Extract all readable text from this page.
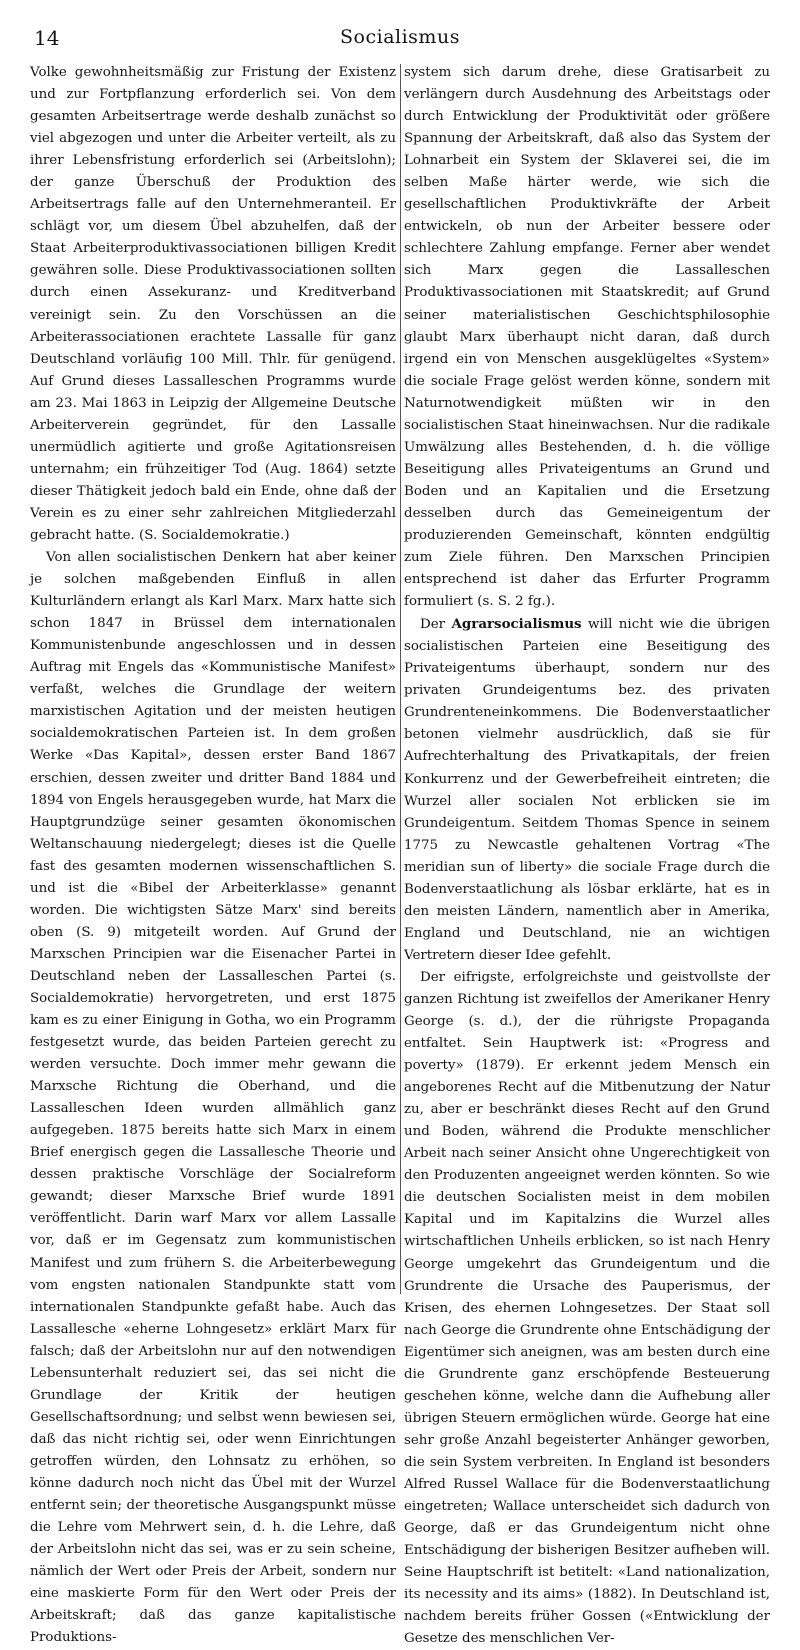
14	Socialismus

Volke gewohnheitsmäßig zur Fristung der Existenz und zur Fortpflanzung erforderlich sei. Von dem gesamten Arbeitsertrage werde deshalb zunächst so viel abgezogen und unter die Arbeiter verteilt, als zu ihrer Lebensfristung erforderlich sei (Arbeitslohn); der ganze Überschuß der Produktion des Arbeitsertrags falle auf den Unternehmeranteil. Er schlägt vor, um diesem Übel abzuhelfen, daß der Staat Arbeiterproduktivassociationen billigen Kredit gewähren solle. Diese Produktivassociationen sollten durch einen Assekuranz- und Kreditverband vereinigt sein. Zu den Vorschüssen an die Arbeiterassociationen erachtete Lassalle für ganz Deutschland vorläufig 100 Mill. Thlr. für genügend. Auf Grund dieses Lassalleschen Programms wurde am 23. Mai 1863 in Leipzig der Allgemeine Deutsche Arbeiterverein gegründet, für den Lassalle unermüdlich agitierte und große Agitationsreisen unternahm; ein frühzeitiger Tod (Aug. 1864) setzte dieser Thätigkeit jedoch bald ein Ende, ohne daß der Verein es zu einer sehr zahlreichen Mitgliederzahl gebracht hatte. (S. Socialdemokratie.)

Von allen socialistischen Denkern hat aber keiner je solchen maßgebenden Einfluß in allen Kulturländern erlangt als Karl Marx. Marx hatte sich schon 1847 in Brüssel dem internationalen Kommunistenbunde angeschlossen und in dessen Auftrag mit Engels das «Kommunistische Manifest» verfaßt, welches die Grundlage der weitern marxistischen Agitation und der meisten heutigen socialdemokratischen Parteien ist. In dem großen Werke «Das Kapital», dessen erster Band 1867 erschien, dessen zweiter und dritter Band 1884 und 1894 von Engels herausgegeben wurde, hat Marx die Hauptgrundzüge seiner gesamten ökonomischen Weltanschauung niedergelegt; dieses ist die Quelle fast des gesamten modernen wissenschaftlichen S. und ist die «Bibel der Arbeiterklasse» genannt worden. Die wichtigsten Sätze Marx' sind bereits oben (S. 9) mitgeteilt worden. Auf Grund der Marxschen Principien war die Eisenacher Partei in Deutschland neben der Lassalleschen Partei (s. Socialdemokratie) hervorgetreten, und erst 1875 kam es zu einer Einigung in Gotha, wo ein Programm festgesetzt wurde, das beiden Parteien gerecht zu werden versuchte. Doch immer mehr gewann die Marxsche Richtung die Oberhand, und die Lassalleschen Ideen wurden allmählich ganz aufgegeben. 1875 bereits hatte sich Marx in einem Brief energisch gegen die Lassallesche Theorie und dessen praktische Vorschläge der Socialreform gewandt; dieser Marxsche Brief wurde 1891 veröffentlicht. Darin warf Marx vor allem Lassalle vor, daß er im Gegensatz zum kommunistischen Manifest und zum frühern S. die Arbeiterbewegung vom engsten nationalen Standpunkte statt vom internationalen Standpunkte gefaßt habe. Auch das Lassallesche «eherne Lohngesetz» erklärt Marx für falsch; daß der Arbeitslohn nur auf den notwendigen Lebensunterhalt reduziert sei, das sei nicht die Grundlage der Kritik der heutigen Gesellschaftsordnung; und selbst wenn bewiesen sei, daß das nicht richtig sei, oder wenn Einrichtungen getroffen würden, den Lohnsatz zu erhöhen, so könne dadurch noch nicht das Übel mit der Wurzel entfernt sein; der theoretische Ausgangspunkt müsse die Lehre vom Mehrwert sein, d. h. die Lehre, daß der Arbeitslohn nicht das sei, was er zu sein scheine, nämlich der Wert oder Preis der Arbeit, sondern nur eine maskierte Form für den Wert oder Preis der Arbeitskraft; daß das ganze kapitalistische Produktions-

system sich darum drehe, diese Gratisarbeit zu verlängern durch Ausdehnung des Arbeitstags oder durch Entwicklung der Produktivität oder größere Spannung der Arbeitskraft, daß also das System der Lohnarbeit ein System der Sklaverei sei, die im selben Maße härter werde, wie sich die gesellschaftlichen Produktivkräfte der Arbeit entwickeln, ob nun der Arbeiter bessere oder schlechtere Zahlung empfange. Ferner aber wendet sich Marx gegen die Lassalleschen Produktivassociationen mit Staatskredit; auf Grund seiner materialistischen Geschichtsphilosophie glaubt Marx überhaupt nicht daran, daß durch irgend ein von Menschen ausgeklügeltes «System» die sociale Frage gelöst werden könne, sondern mit Naturnotwendigkeit müßten wir in den socialistischen Staat hineinwachsen. Nur die radikale Umwälzung alles Bestehenden, d. h. die völlige Beseitigung alles Privateigentums an Grund und Boden und an Kapitalien und die Ersetzung desselben durch das Gemeineigentum der produzierenden Gemeinschaft, könnten endgültig zum Ziele führen. Den Marxschen Principien entsprechend ist daher das Erfurter Programm formuliert (s. S. 2 fg.).

Der Agrarsocialismus will nicht wie die übrigen socialistischen Parteien eine Beseitigung des Privateigentums überhaupt, sondern nur des privaten Grundeigentums bez. des privaten Grundrenteneinkommens. Die Bodenverstaatlicher betonen vielmehr ausdrücklich, daß sie für Aufrechterhaltung des Privatkapitals, der freien Konkurrenz und der Gewerbefreiheit eintreten; die Wurzel aller socialen Not erblicken sie im Grundeigentum. Seitdem Thomas Spence in seinem 1775 zu Newcastle gehaltenen Vortrag «The meridian sun of liberty» die sociale Frage durch die Bodenverstaatlichung als lösbar erklärte, hat es in den meisten Ländern, namentlich aber in Amerika, England und Deutschland, nie an wichtigen Vertretern dieser Idee gefehlt.

Der eifrigste, erfolgreichste und geistvollste der ganzen Richtung ist zweifellos der Amerikaner Henry George (s. d.), der die rührigste Propaganda entfaltet. Sein Hauptwerk ist: «Progress and poverty» (1879). Er erkennt jedem Mensch ein angeborenes Recht auf die Mitbenutzung der Natur zu, aber er beschränkt dieses Recht auf den Grund und Boden, während die Produkte menschlicher Arbeit nach seiner Ansicht ohne Ungerechtigkeit von den Produzenten angeeignet werden könnten. So wie die deutschen Socialisten meist in dem mobilen Kapital und im Kapitalzins die Wurzel alles wirtschaftlichen Unheils erblicken, so ist nach Henry George umgekehrt das Grundeigentum und die Grundrente die Ursache des Pauperismus, der Krisen, des ehernen Lohngesetzes. Der Staat soll nach George die Grundrente ohne Entschädigung der Eigentümer sich aneignen, was am besten durch eine die Grundrente ganz erschöpfende Besteuerung geschehen könne, welche dann die Aufhebung aller übrigen Steuern ermöglichen würde. George hat eine sehr große Anzahl begeisterter Anhänger geworben, die sein System verbreiten. In England ist besonders Alfred Russel Wallace für die Bodenverstaatlichung eingetreten; Wallace unterscheidet sich dadurch von George, daß er das Grundeigentum nicht ohne Entschädigung der bisherigen Besitzer aufheben will. Seine Hauptschrift ist betitelt: «Land nationalization, its necessity and its aims» (1882). In Deutschland ist, nachdem bereits früher Gossen («Entwicklung der Gesetze des menschlichen Ver-
